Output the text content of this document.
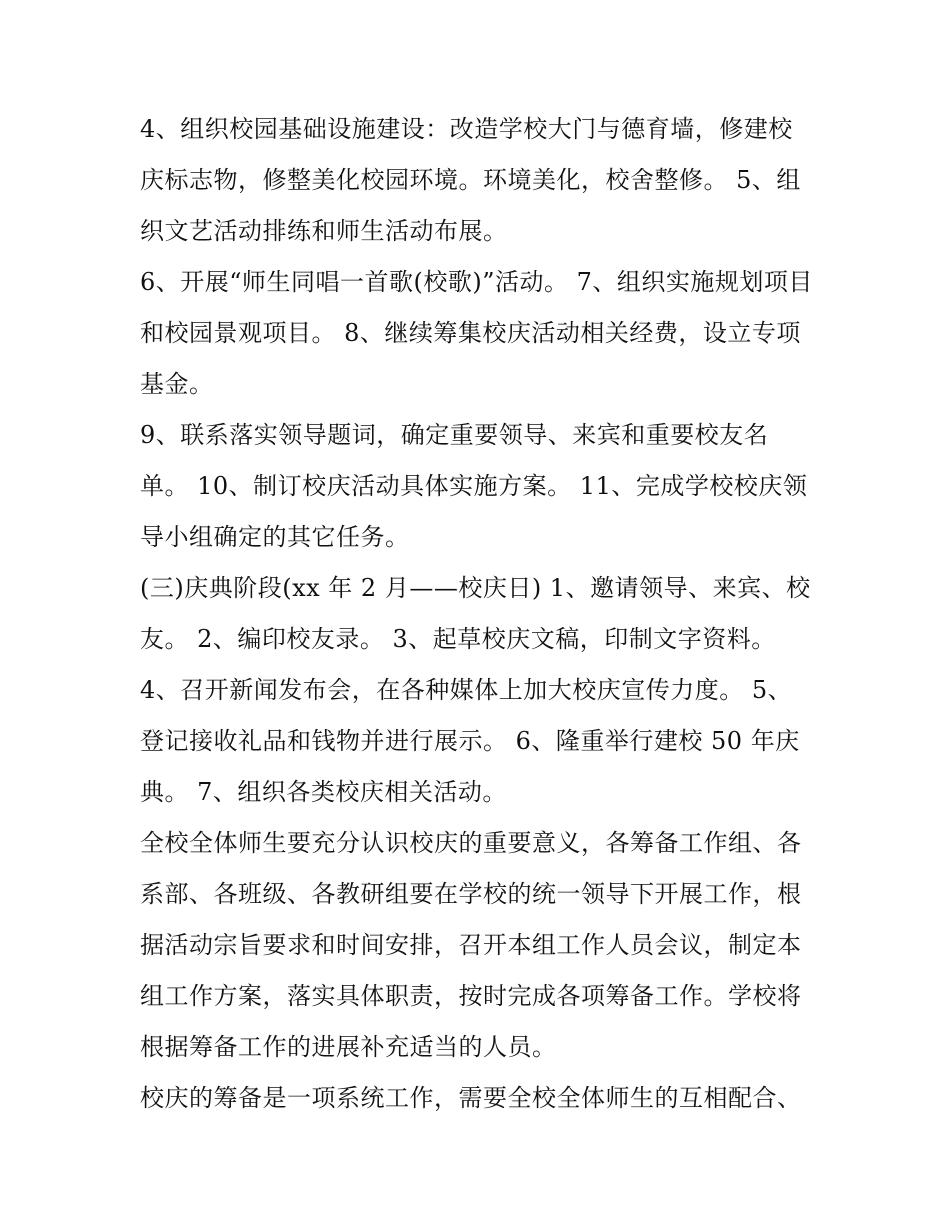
4、组织校园基础设施建设：改造学校大门与德育墙，修建校
庆标志物，修整美化校园环境。环境美化，校舍整修。 5、组
织文艺活动排练和师生活动布展。
6、开展“师生同唱一首歌(校歌)”活动。 7、组织实施规划项目
和校园景观项目。 8、继续筹集校庆活动相关经费，设立专项
基金。
9、联系落实领导题词，确定重要领导、来宾和重要校友名
单。 10、制订校庆活动具体实施方案。 11、完成学校校庆领
导小组确定的其它任务。
(三)庆典阶段(xx 年 2 月——校庆日) 1、邀请领导、来宾、校
友。 2、编印校友录。 3、起草校庆文稿，印制文字资料。
4、召开新闻发布会，在各种媒体上加大校庆宣传力度。 5、
登记接收礼品和钱物并进行展示。 6、隆重举行建校 50 年庆
典。 7、组织各类校庆相关活动。
全校全体师生要充分认识校庆的重要意义，各筹备工作组、各
系部、各班级、各教研组要在学校的统一领导下开展工作，根
据活动宗旨要求和时间安排，召开本组工作人员会议，制定本
组工作方案，落实具体职责，按时完成各项筹备工作。学校将
根据筹备工作的进展补充适当的人员。
校庆的筹备是一项系统工作，需要全校全体师生的互相配合、
